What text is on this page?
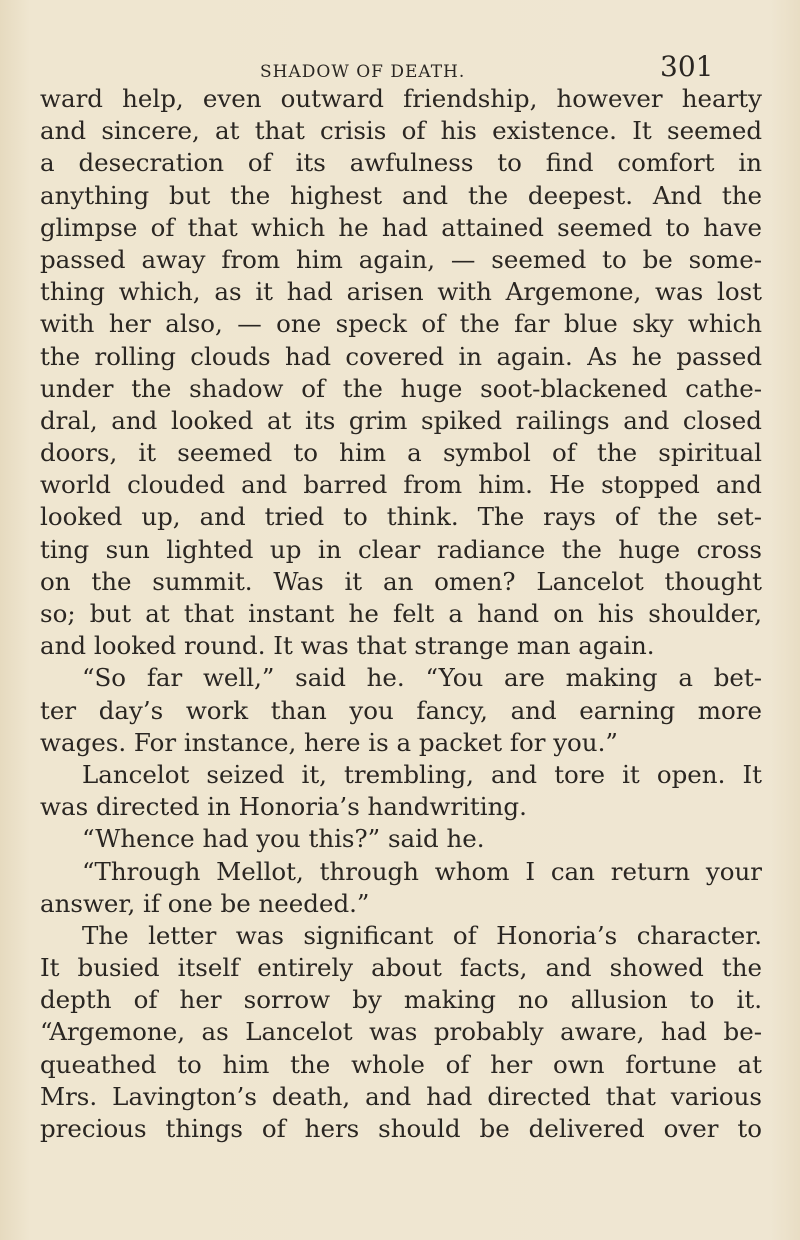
SHADOW OF DEATH.	301
ward help, even outward friendship, however hearty
and sincere, at that crisis of his existence. It seemed
a desecration of its awfulness to find comfort in
anything but the highest and the deepest. And the
glimpse of that which he had attained seemed to have
passed away from him again, — seemed to be some-
thing which, as it had arisen with Argemone, was lost
with her also, — one speck of the far blue sky which
the rolling clouds had covered in again. As he passed
under the shadow of the huge soot-blackened cathe-
dral, and looked at its grim spiked railings and closed
doors, it seemed to him a symbol of the spiritual
world clouded and barred from him. He stopped and
looked up, and tried to think. The rays of the set-
ting sun lighted up in clear radiance the huge cross
on the summit. Was it an omen? Lancelot thought
so; but at that instant he felt a hand on his shoulder,
and looked round. It was that strange man again.
“So far well,” said he. “You are making a bet-
ter day’s work than you fancy, and earning more
wages. For instance, here is a packet for you.”
Lancelot seized it, trembling, and tore it open. It
was directed in Honoria’s handwriting.
“Whence had you this?” said he.
“Through Mellot, through whom I can return your
answer, if one be needed.”
The letter was significant of Honoria’s character.
It busied itself entirely about facts, and showed the
depth of her sorrow by making no allusion to it.
“Argemone, as Lancelot was probably aware, had be-
queathed to him the whole of her own fortune at
Mrs. Lavington’s death, and had directed that various
precious things of hers should be delivered over to
